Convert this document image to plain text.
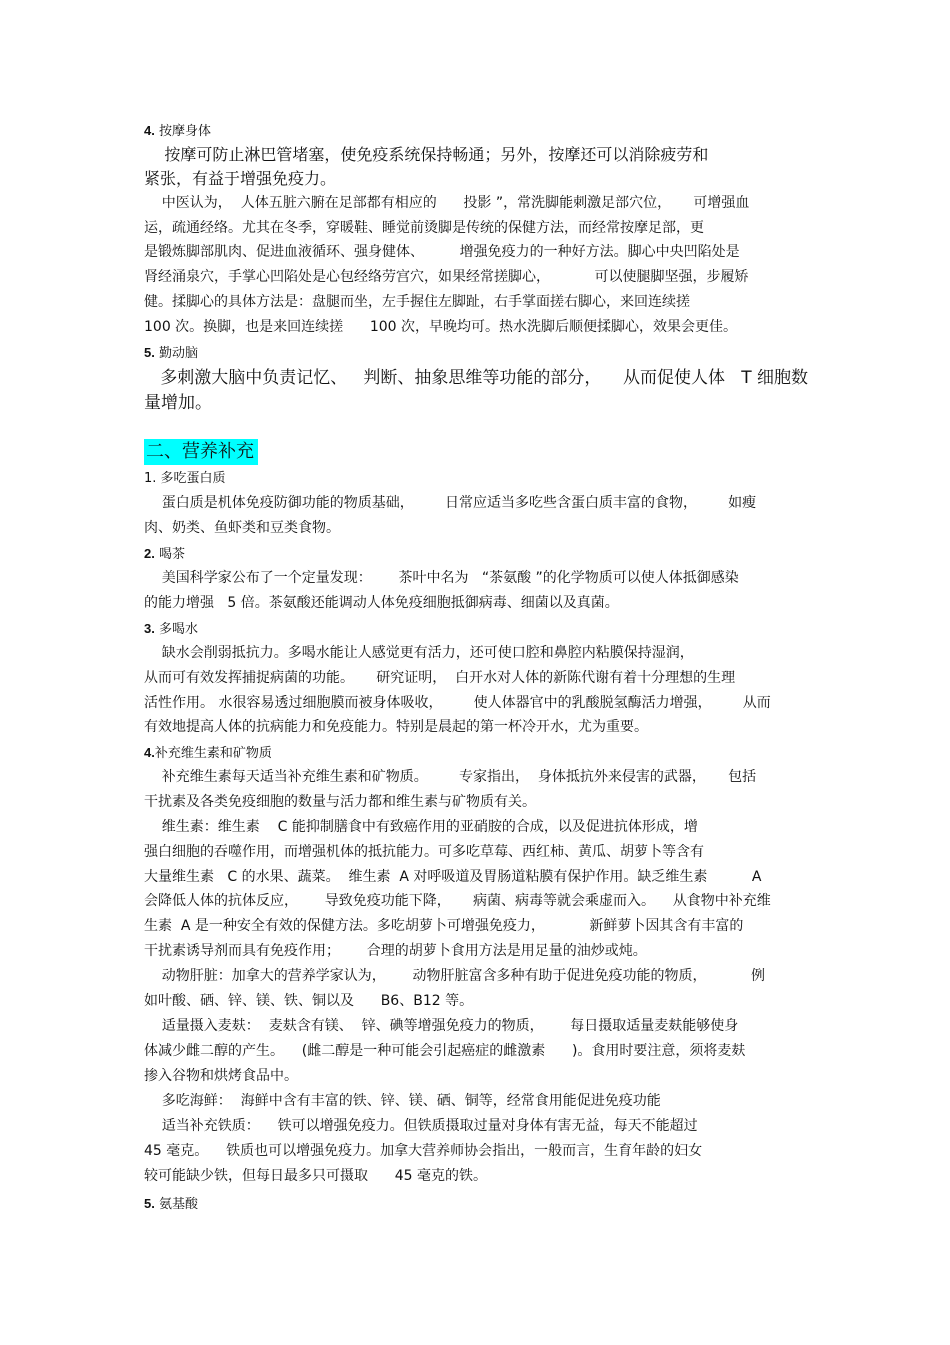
4. 按摩身体
按摩可防止淋巴管堵塞，使免疫系统保持畅通；另外，按摩还可以消除疲劳和
紧张，有益于增强免疫力。
中医认为，  人体五脏六腑在足部都有相应的      投影 ”，常洗脚能刺激足部穴位，     可增强血
运，疏通经络。尤其在冬季，穿暖鞋、睡觉前烫脚是传统的保健方法，而经常按摩足部，更
是锻炼脚部肌肉、促进血液循环、强身健体、        增强免疫力的一种好方法。脚心中央凹陷处是
肾经涌泉穴，手掌心凹陷处是心包经络劳宫穴，如果经常搓脚心，          可以使腿脚坚强，步履矫
健。揉脚心的具体方法是：盘腿而坐，左手握住左脚趾，右手掌面搓右脚心，来回连续搓
100 次。换脚，也是来回连续搓      100 次，早晚均可。热水洗脚后顺便揉脚心，效果会更佳。
5. 勤动脑
多刺激大脑中负责记忆、   判断、抽象思维等功能的部分，    从而促使人体   T 细胞数
量增加。
二、营养补充
1. 多吃蛋白质
蛋白质是机体免疫防御功能的物质基础，       日常应适当多吃些含蛋白质丰富的食物，       如瘦
肉、奶类、鱼虾类和豆类食物。
2. 喝茶
美国科学家公布了一个定量发现：      茶叶中名为   “茶氨酸 ”的化学物质可以使人体抵御感染
的能力增强   5 倍。茶氨酸还能调动人体免疫细胞抵御病毒、细菌以及真菌。
3. 多喝水
缺水会削弱抵抗力。多喝水能让人感觉更有活力，还可使口腔和鼻腔内粘膜保持湿润，
从而可有效发挥捕捉病菌的功能。     研究证明，  白开水对人体的新陈代谢有着十分理想的生理
活性作用。 水很容易透过细胞膜而被身体吸收，       使人体器官中的乳酸脱氢酶活力增强，       从而
有效地提高人体的抗病能力和免疫能力。特别是晨起的第一杯冷开水，尤为重要。
4.补充维生素和矿物质
补充维生素每天适当补充维生素和矿物质。       专家指出，  身体抵抗外来侵害的武器，     包括
干扰素及各类免疫细胞的数量与活力都和维生素与矿物质有关。
维生素：维生素    C 能抑制膳食中有致癌作用的亚硝胺的合成，以及促进抗体形成，增
强白细胞的吞噬作用，而增强机体的抵抗能力。可多吃草莓、西红柿、黄瓜、胡萝卜等含有
大量维生素   C 的水果、蔬菜。  维生素  A 对呼吸道及胃肠道粘膜有保护作用。缺乏维生素          A
会降低人体的抗体反应，      导致免疫功能下降，     病菌、病毒等就会乘虚而入。    从食物中补充维
生素  A 是一种安全有效的保健方法。多吃胡萝卜可增强免疫力，          新鲜萝卜因其含有丰富的
干扰素诱导剂而具有免疫作用；      合理的胡萝卜食用方法是用足量的油炒或炖。
动物肝脏：加拿大的营养学家认为，      动物肝脏富含多种有助于促进免疫功能的物质，          例
如叶酸、硒、锌、镁、铁、铜以及      B6、B12 等。
适量摄入麦麸：  麦麸含有镁、  锌、碘等增强免疫力的物质，      每日摄取适量麦麸能够使身
体减少雌二醇的产生。    (雌二醇是一种可能会引起癌症的雌激素      )。食用时要注意，须将麦麸
掺入谷物和烘烤食品中。
多吃海鲜：  海鲜中含有丰富的铁、锌、镁、硒、铜等，经常食用能促进免疫功能
适当补充铁质：    铁可以增强免疫力。但铁质摄取过量对身体有害无益，每天不能超过
45 毫克。    铁质也可以增强免疫力。加拿大营养师协会指出，一般而言，生育年龄的妇女
较可能缺少铁，但每日最多只可摄取      45 毫克的铁。
5. 氨基酸
